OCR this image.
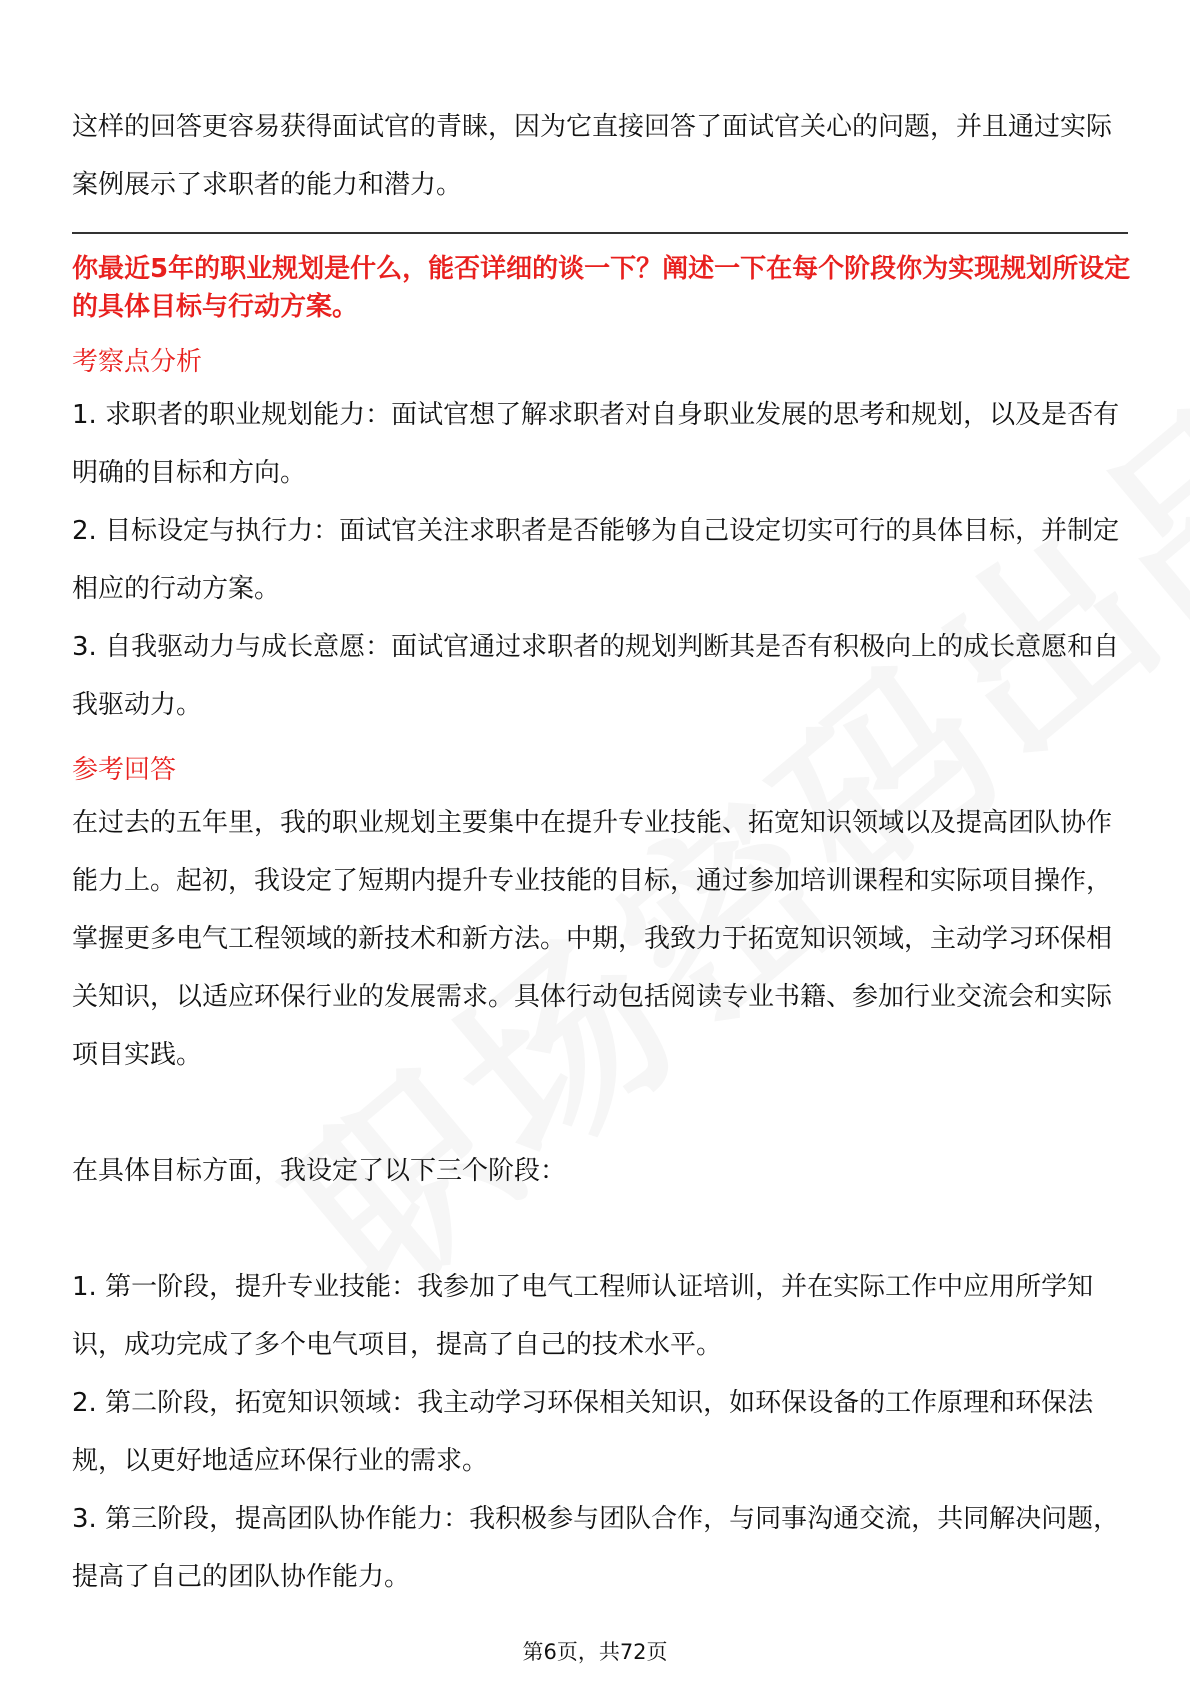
这样的回答更容易获得面试官的青睐，因为它直接回答了面试官关心的问题，并且通过实际案例展示了求职者的能力和潜力。

你最近5年的职业规划是什么，能否详细的谈一下？阐述一下在每个阶段你为实现规划所设定的具体目标与行动方案。

考察点分析

1. 求职者的职业规划能力：面试官想了解求职者对自身职业发展的思考和规划，以及是否有明确的目标和方向。

2. 目标设定与执行力：面试官关注求职者是否能够为自己设定切实可行的具体目标，并制定相应的行动方案。

3. 自我驱动力与成长意愿：面试官通过求职者的规划判断其是否有积极向上的成长意愿和自我驱动力。

参考回答

在过去的五年里，我的职业规划主要集中在提升专业技能、拓宽知识领域以及提高团队协作能力上。起初，我设定了短期内提升专业技能的目标，通过参加培训课程和实际项目操作，掌握更多电气工程领域的新技术和新方法。中期，我致力于拓宽知识领域，主动学习环保相关知识，以适应环保行业的发展需求。具体行动包括阅读专业书籍、参加行业交流会和实际项目实践。

在具体目标方面，我设定了以下三个阶段：

1. 第一阶段，提升专业技能：我参加了电气工程师认证培训，并在实际工作中应用所学知识，成功完成了多个电气项目，提高了自己的技术水平。

2. 第二阶段，拓宽知识领域：我主动学习环保相关知识，如环保设备的工作原理和环保法规，以更好地适应环保行业的需求。

3. 第三阶段，提高团队协作能力：我积极参与团队合作，与同事沟通交流，共同解决问题，提高了自己的团队协作能力。

第6页，共72页
